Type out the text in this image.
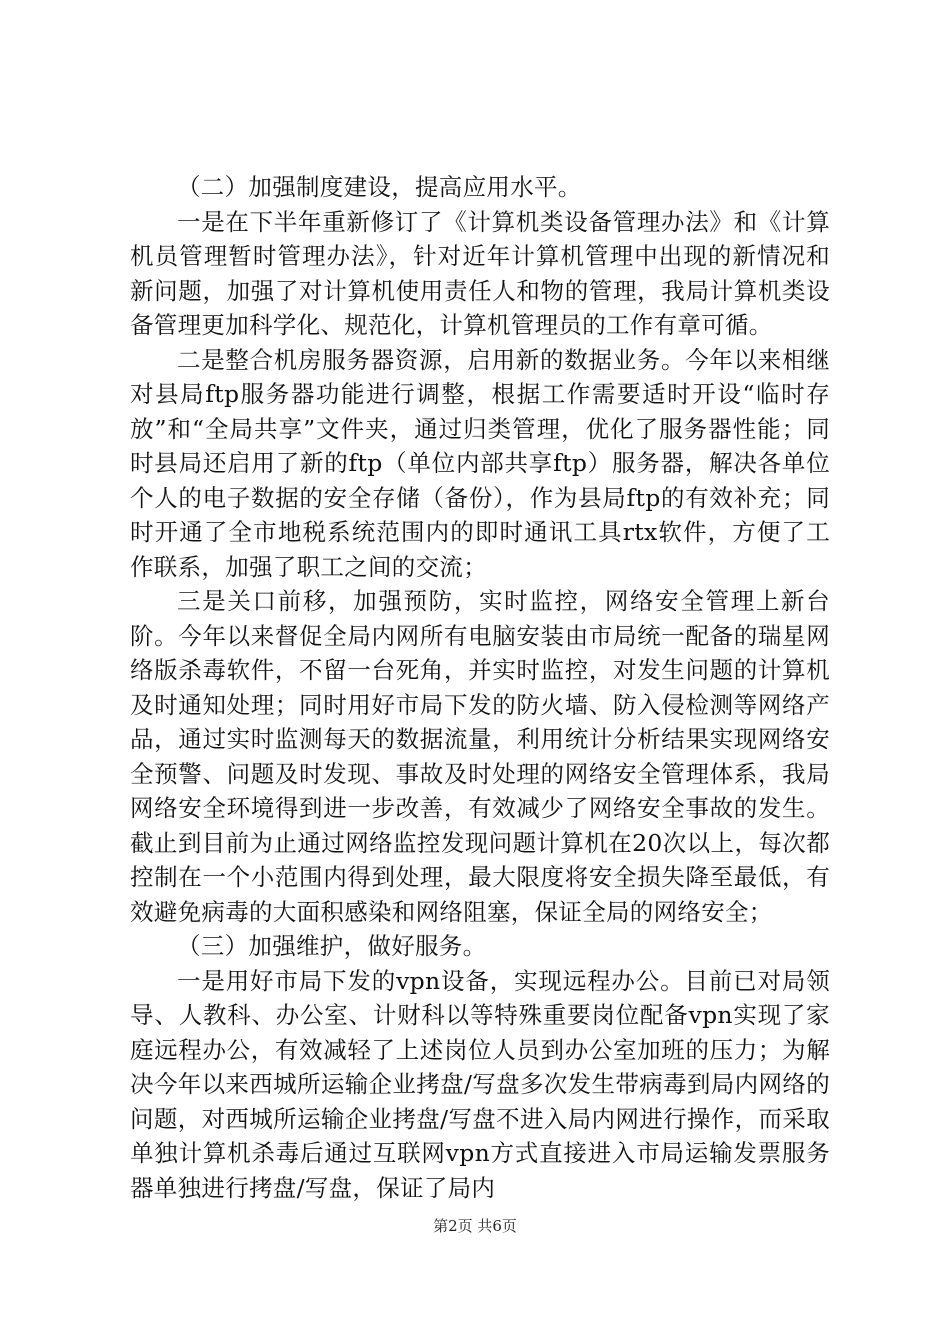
（二）加强制度建设，提高应用水平。

一是在下半年重新修订了《计算机类设备管理办法》和《计算机员管理暂时管理办法》，针对近年计算机管理中出现的新情况和新问题，加强了对计算机使用责任人和物的管理，我局计算机类设备管理更加科学化、规范化，计算机管理员的工作有章可循。

二是整合机房服务器资源，启用新的数据业务。今年以来相继对县局ftp服务器功能进行调整，根据工作需要适时开设“临时存放”和“全局共享”文件夹，通过归类管理，优化了服务器性能；同时县局还启用了新的ftp（单位内部共享ftp）服务器，解决各单位个人的电子数据的安全存储（备份），作为县局ftp的有效补充；同时开通了全市地税系统范围内的即时通讯工具rtx软件，方便了工作联系，加强了职工之间的交流；

三是关口前移，加强预防，实时监控，网络安全管理上新台阶。今年以来督促全局内网所有电脑安装由市局统一配备的瑞星网络版杀毒软件，不留一台死角，并实时监控，对发生问题的计算机及时通知处理；同时用好市局下发的防火墙、防入侵检测等网络产品，通过实时监测每天的数据流量，利用统计分析结果实现网络安全预警、问题及时发现、事故及时处理的网络安全管理体系，我局网络安全环境得到进一步改善，有效减少了网络安全事故的发生。截止到目前为止通过网络监控发现问题计算机在20次以上，每次都控制在一个小范围内得到处理，最大限度将安全损失降至最低，有效避免病毒的大面积感染和网络阻塞，保证全局的网络安全；

（三）加强维护，做好服务。

一是用好市局下发的vpn设备，实现远程办公。目前已对局领导、人教科、办公室、计财科以等特殊重要岗位配备vpn实现了家庭远程办公，有效减轻了上述岗位人员到办公室加班的压力；为解决今年以来西城所运输企业拷盘/写盘多次发生带病毒到局内网络的问题，对西城所运输企业拷盘/写盘不进入局内网进行操作，而采取单独计算机杀毒后通过互联网vpn方式直接进入市局运输发票服务器单独进行拷盘/写盘，保证了局内

第2页 共6页
